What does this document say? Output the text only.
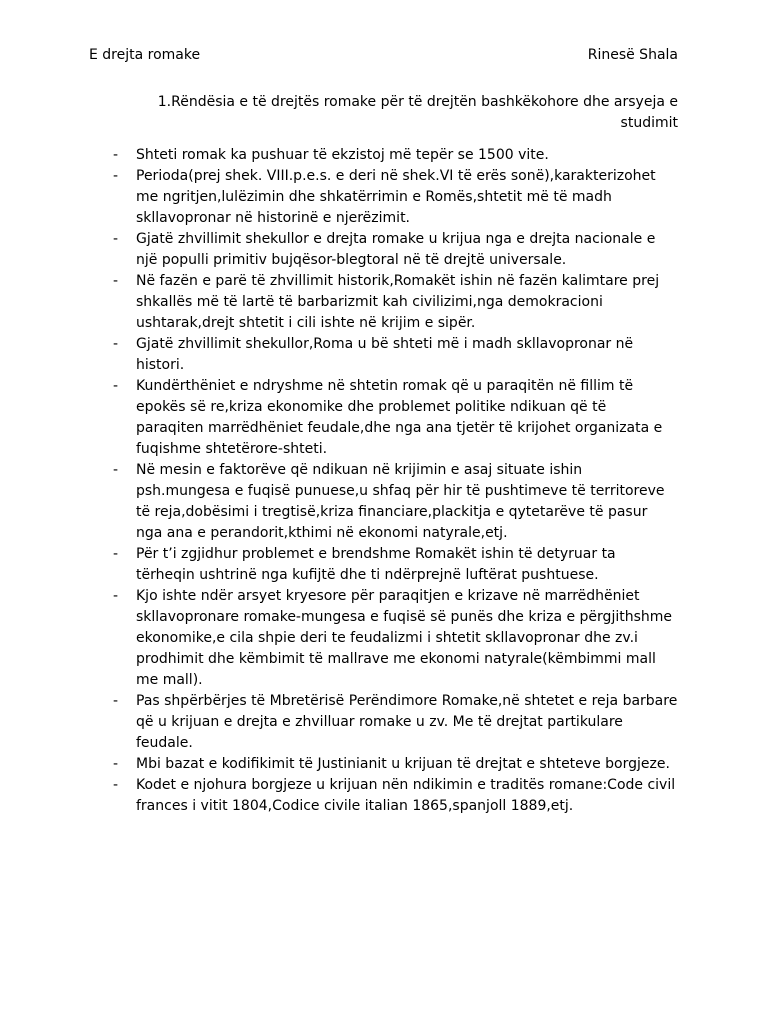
E drejta romake	Rinesë Shala
1.Rëndësia e të drejtës romake për të drejtën bashkëkohore dhe arsyeja e studimit
- Shteti romak ka pushuar të ekzistoj më tepër se 1500 vite.
- Perioda(prej shek. VIII.p.e.s. e deri në shek.VI të erës sonë),karakterizohet me ngritjen,lulëzimin dhe shkatërrimin e Romës,shtetit më të madh skllavopronar në historinë e njerëzimit.
- Gjatë zhvillimit shekullor e drejta romake u krijua nga e drejta nacionale e një populli primitiv bujqësor-blegtoral në të drejtë universale.
- Në fazën e parë të zhvillimit historik,Romakët ishin në fazën kalimtare prej shkallës më të lartë të barbarizmit kah civilizimi,nga demokracioni ushtarak,drejt shtetit i cili ishte në krijim e sipër.
- Gjatë zhvillimit shekullor,Roma u bë shteti më i madh skllavopronar në histori.
- Kundërthëniet e ndryshme në shtetin romak që u paraqitën në fillim të epokës së re,kriza ekonomike dhe problemet politike ndikuan që të paraqiten marrëdhëniet feudale,dhe nga ana tjetër të krijohet organizata e fuqishme shtetërore-shteti.
- Në mesin e faktorëve që ndikuan në krijimin e asaj situate ishin psh.mungesa e fuqisë punuese,u shfaq për hir të pushtimeve të territoreve të reja,dobësimi i tregtisë,kriza financiare,plackitja e qytetarëve të pasur nga ana e perandorit,kthimi në ekonomi natyrale,etj.
- Për t’i zgjidhur problemet e brendshme Romakët ishin të detyruar ta tërheqin ushtrinë nga kufijtë dhe ti ndërprejnë luftërat pushtuese.
- Kjo ishte ndër arsyet kryesore për paraqitjen e krizave në marrëdhëniet skllavopronare romake-mungesa e fuqisë së punës dhe kriza e përgjithshme ekonomike,e cila shpie deri te feudalizmi i shtetit skllavopronar dhe zv.i prodhimit dhe këmbimit të mallrave me ekonomi natyrale(këmbimmi mall me mall).
- Pas shpërbërjes të Mbretërisë Perëndimore Romake,në shtetet e reja barbare që u krijuan e drejta e zhvilluar romake u zv. Me të drejtat partikulare feudale.
- Mbi bazat e kodifikimit të Justinianit u krijuan të drejtat e shteteve borgjeze.
- Kodet e njohura borgjeze u krijuan nën ndikimin e traditës romane:Code civil frances i vitit 1804,Codice civile italian 1865,spanjoll 1889,etj.
